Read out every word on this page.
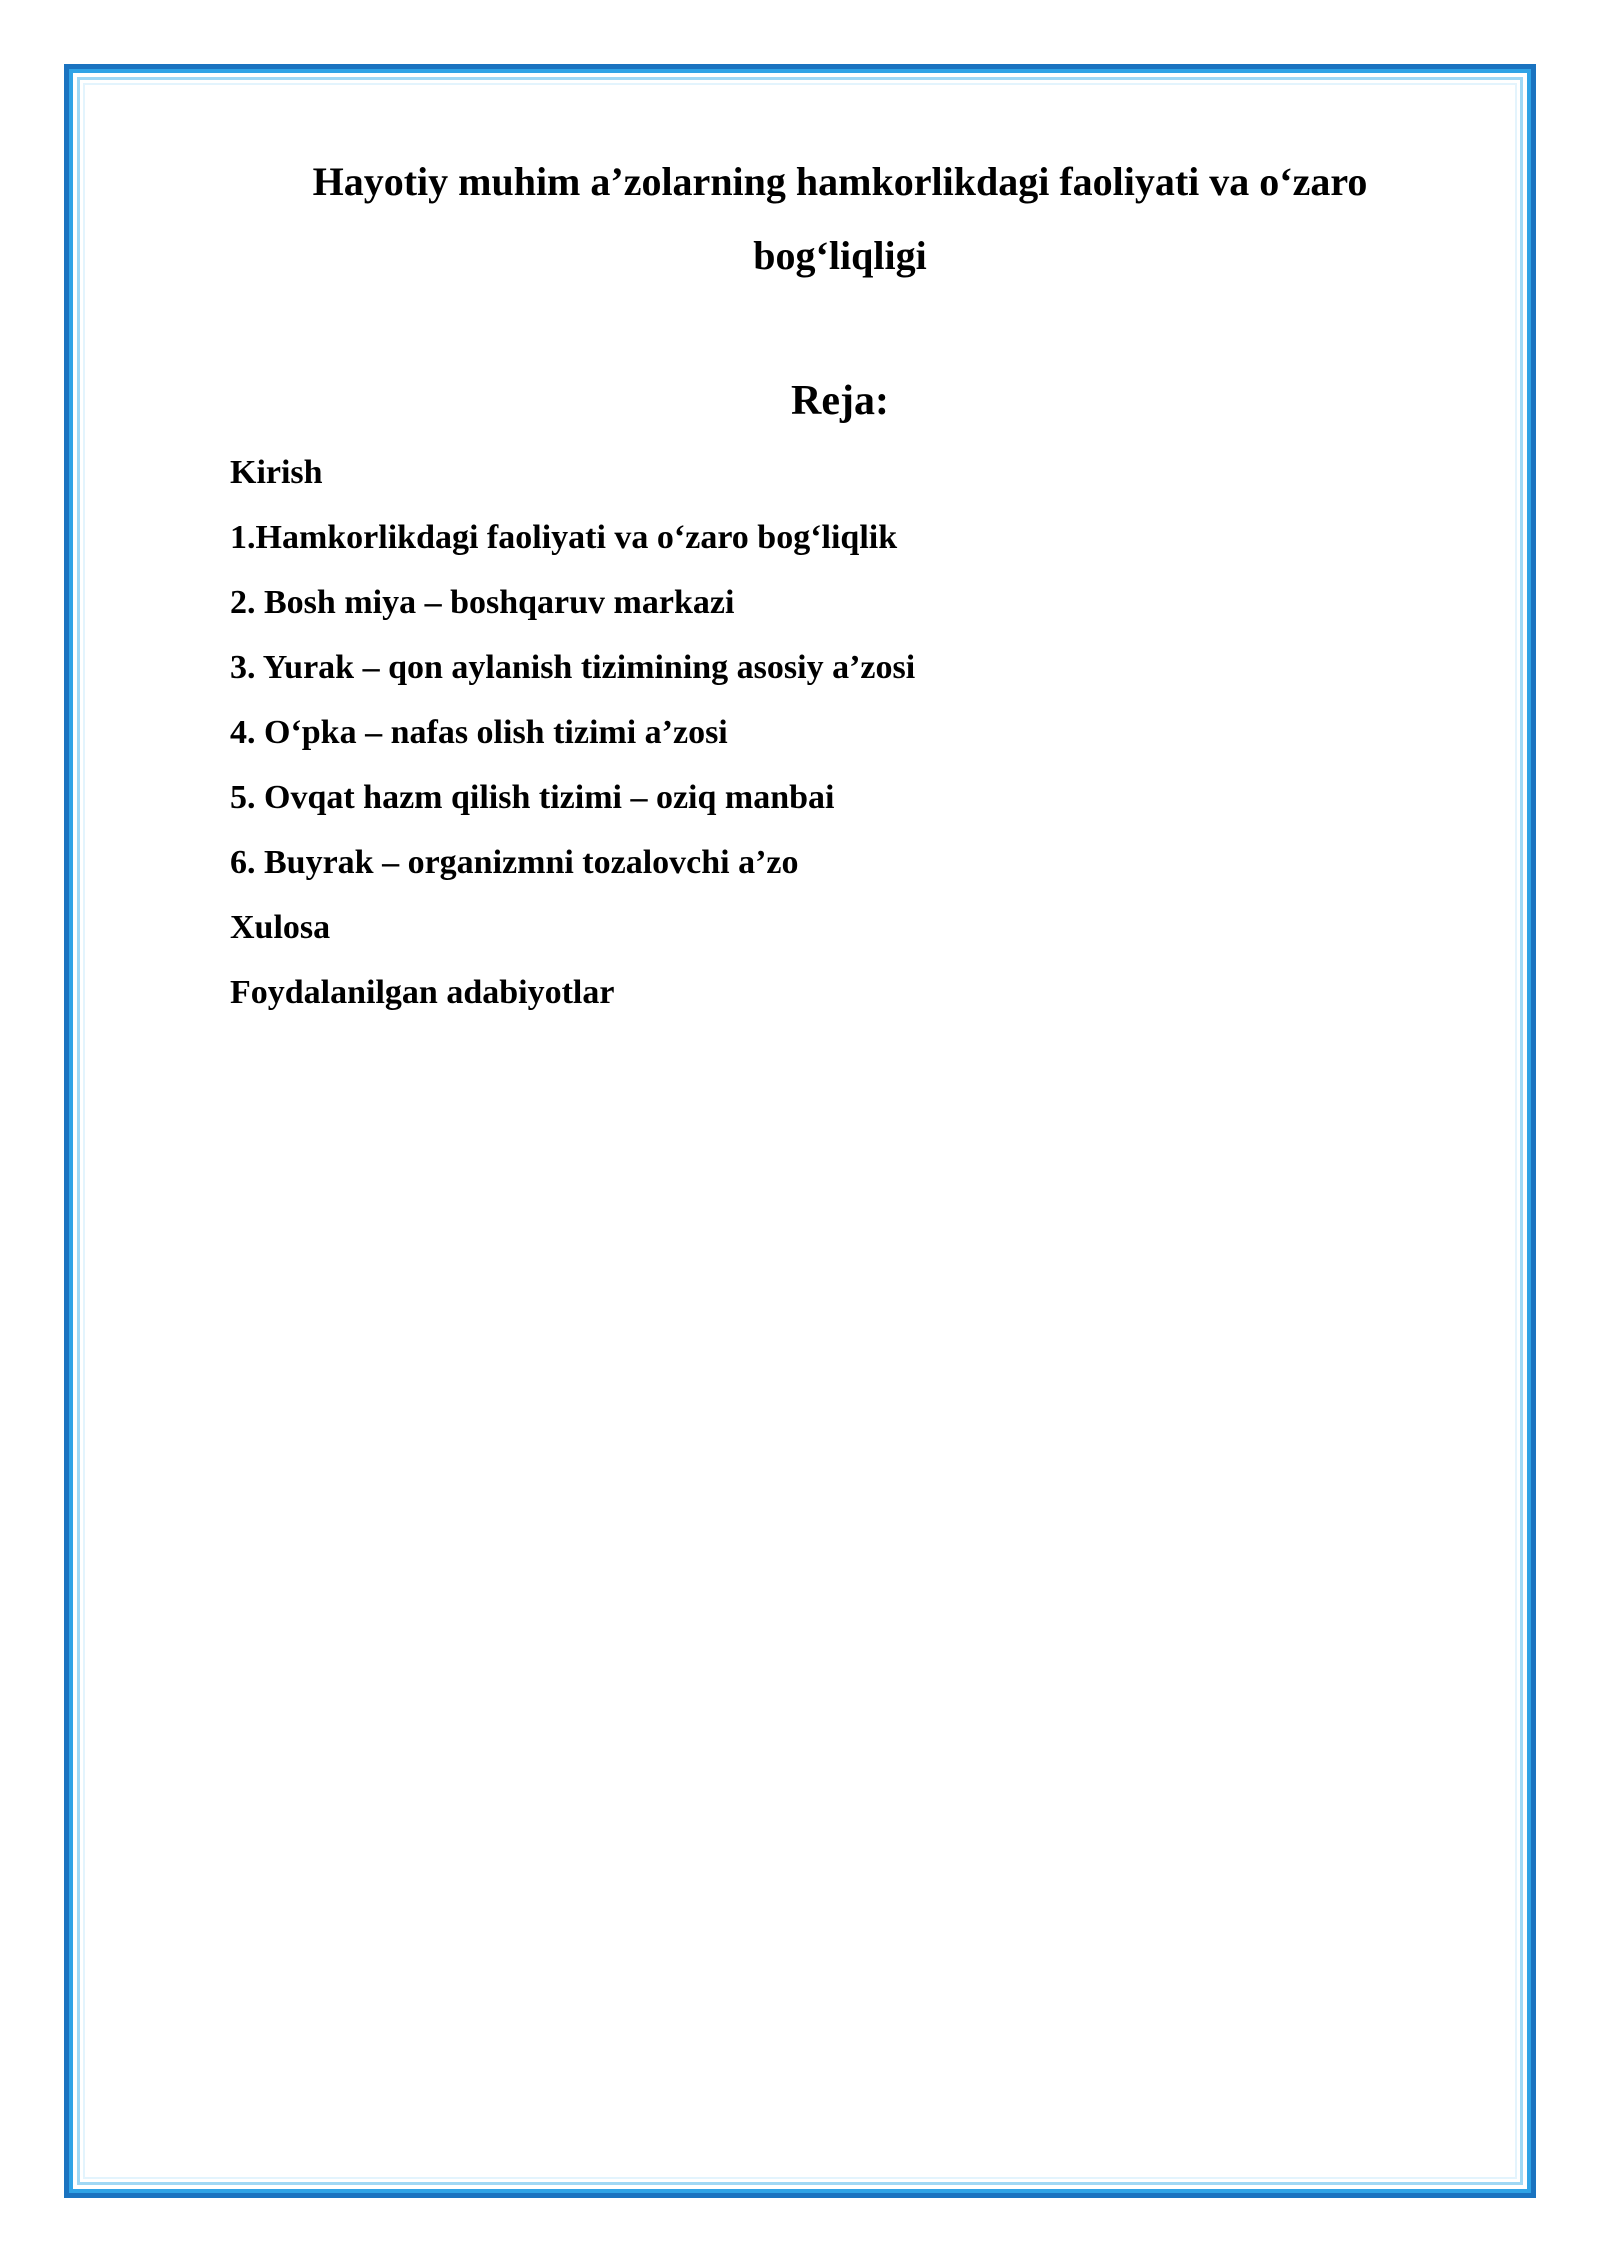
Hayotiy muhim a’zolarning hamkorlikdagi faoliyati va o‘zaro bog‘liqligi
Reja:
Kirish
1.Hamkorlikdagi faoliyati va o‘zaro bog‘liqlik
2. Bosh miya – boshqaruv markazi
3. Yurak – qon aylanish tizimining asosiy a’zosi
4. O‘pka – nafas olish tizimi a’zosi
5. Ovqat hazm qilish tizimi – oziq manbai
6. Buyrak – organizmni tozalovchi a’zo
Xulosa
Foydalanilgan adabiyotlar
